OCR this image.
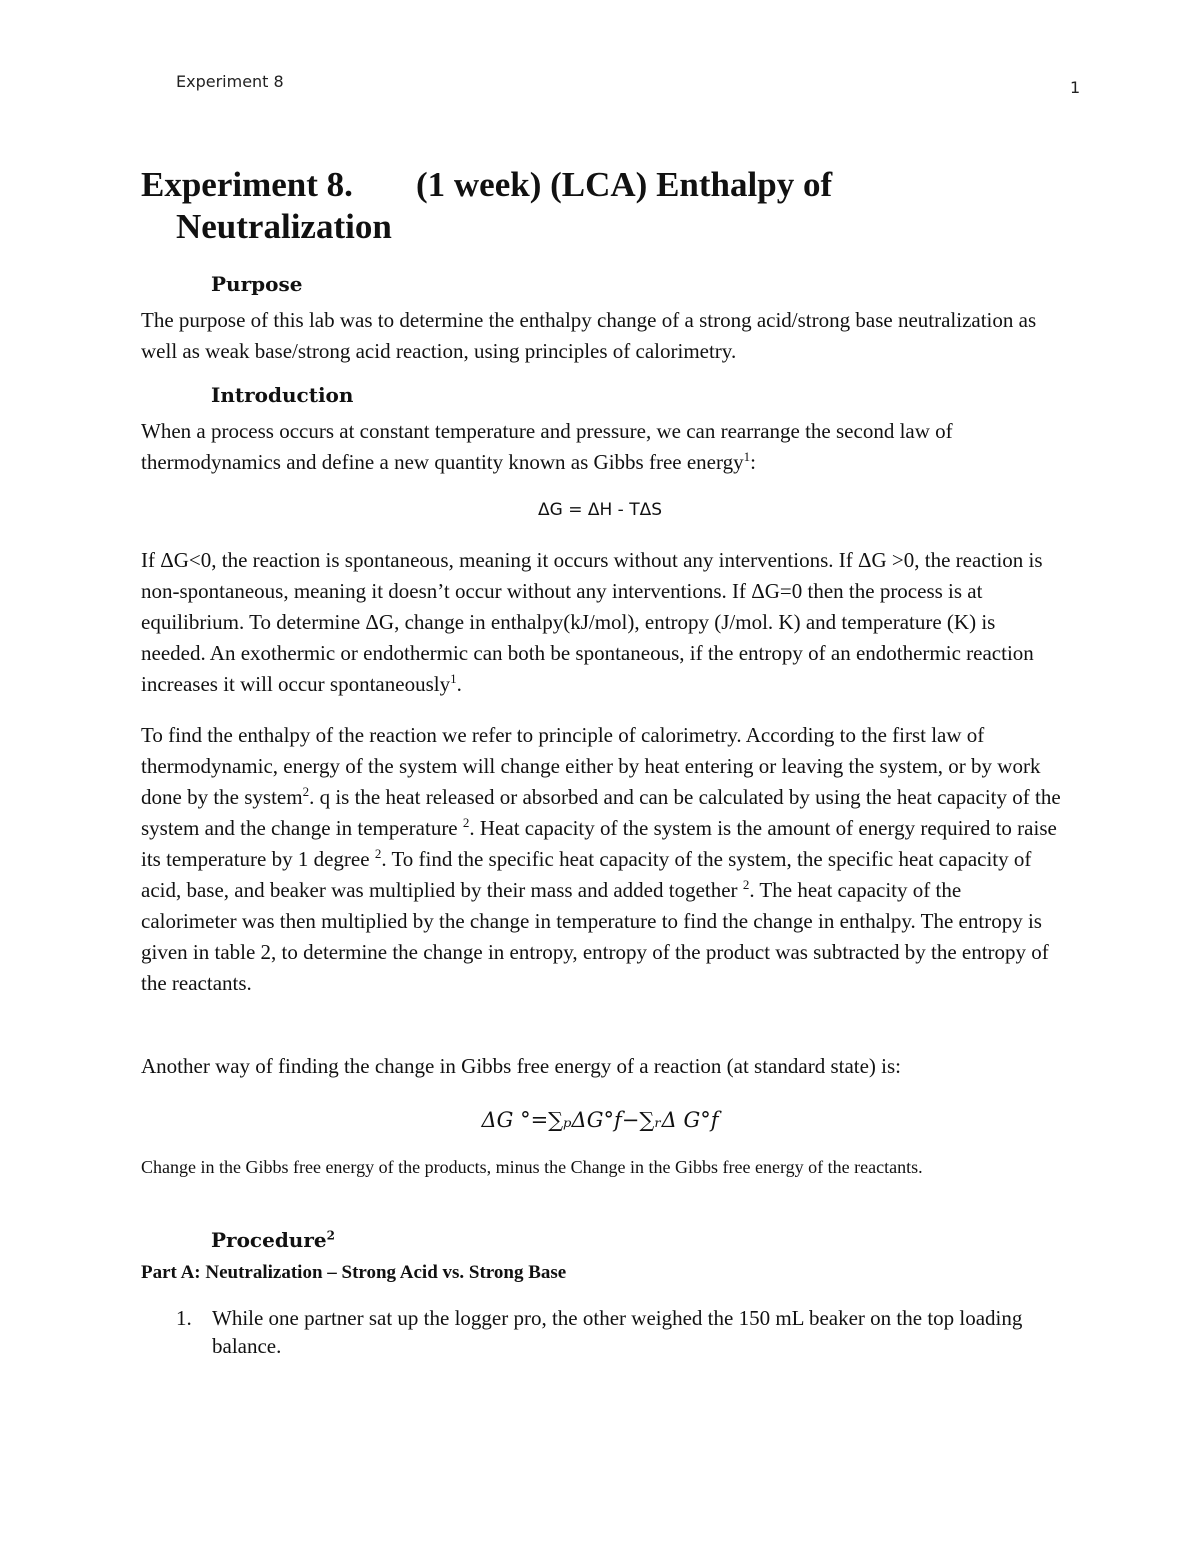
Experiment 8	1
Experiment 8. (1 week) (LCA) Enthalpy of
Neutralization
Purpose

The purpose of this lab was to determine the enthalpy change of a strong acid/strong base neutralization as well as weak base/strong acid reaction, using principles of calorimetry.

Introduction

When a process occurs at constant temperature and pressure, we can rearrange the second law of thermodynamics and define a new quantity known as Gibbs free energy$^1$:

ΔG = ΔH - TΔS

If ΔG<0, the reaction is spontaneous, meaning it occurs without any interventions. If ΔG >0, the reaction is non-spontaneous, meaning it doesn’t occur without any interventions. If ΔG=0 then the process is at equilibrium. To determine ΔG, change in enthalpy(kJ/mol), entropy (J/mol. K) and temperature (K) is needed. An exothermic or endothermic can both be spontaneous, if the entropy of an endothermic reaction increases it will occur spontaneously$^1$.

To find the enthalpy of the reaction we refer to principle of calorimetry. According to the first law of thermodynamic, energy of the system will change either by heat entering or leaving the system, or by work done by the system$^2$. q is the heat released or absorbed and can be calculated by using the heat capacity of the system and the change in temperature $^2$. Heat capacity of the system is the amount of energy required to raise its temperature by 1 degree $^2$. To find the specific heat capacity of the system, the specific heat capacity of acid, base, and beaker was multiplied by their mass and added together $^2$. The heat capacity of the calorimeter was then multiplied by the change in temperature to find the change in enthalpy. The entropy is given in table 2, to determine the change in entropy, entropy of the product was subtracted by the entropy of the reactants.

Another way of finding the change in Gibbs free energy of a reaction (at standard state) is:

ΔG °=∑ₚΔG°f−∑ᵣΔ G°f

Change in the Gibbs free energy of the products, minus the Change in the Gibbs free energy of the reactants.

Procedure$^2$

Part A: Neutralization – Strong Acid vs. Strong Base

1. While one partner sat up the logger pro, the other weighed the 150 mL beaker on the top loading balance.
